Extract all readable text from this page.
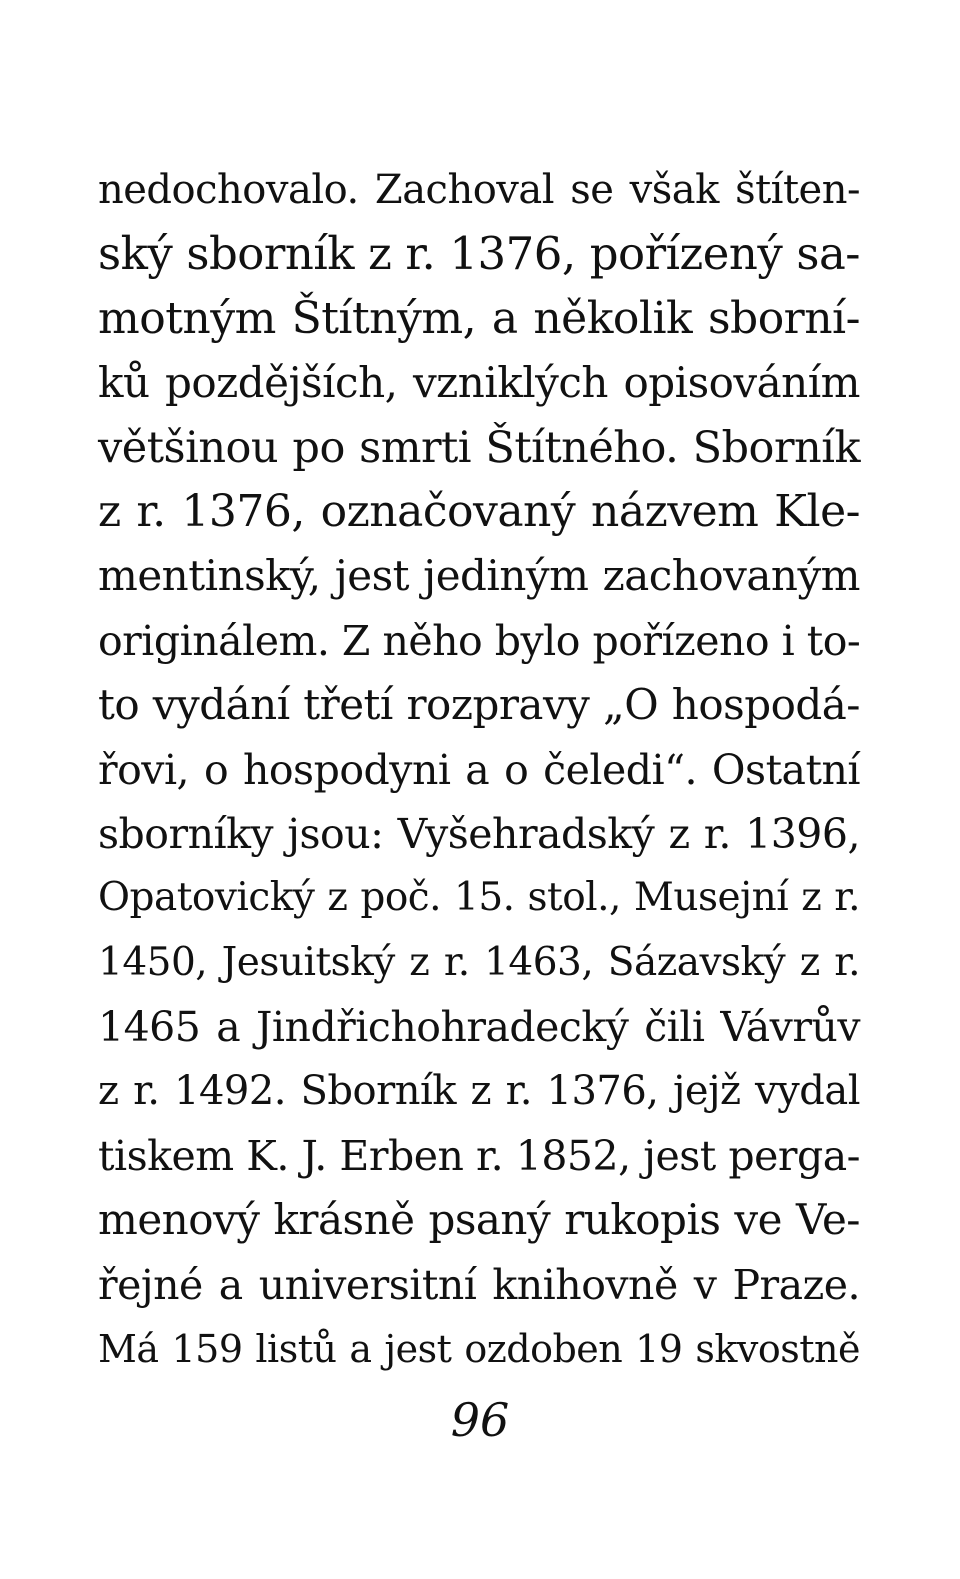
nedochovalo. Zachoval se však štíten-
ský sborník z r. 1376, pořízený sa-
motným Štítným, a několik sborní-
ků pozdějších, vzniklých opisováním
většinou po smrti Štítného. Sborník
z r. 1376, označovaný názvem Kle-
mentinský, jest jediným zachovaným
originálem. Z něho bylo pořízeno i to-
to vydání třetí rozpravy „O hospodá-
řovi, o hospodyni a o čeledi“. Ostatní
sborníky jsou: Vyšehradský z r. 1396,
Opatovický z poč. 15. stol., Musejní z r.
1450, Jesuitský z r. 1463, Sázavský z r.
1465 a Jindřichohradecký čili Vávrův
z r. 1492. Sborník z r. 1376, jejž vydal
tiskem K. J. Erben r. 1852, jest perga-
menový krásně psaný rukopis ve Ve-
řejné a universitní knihovně v Praze.
Má 159 listů a jest ozdoben 19 skvostně
96
